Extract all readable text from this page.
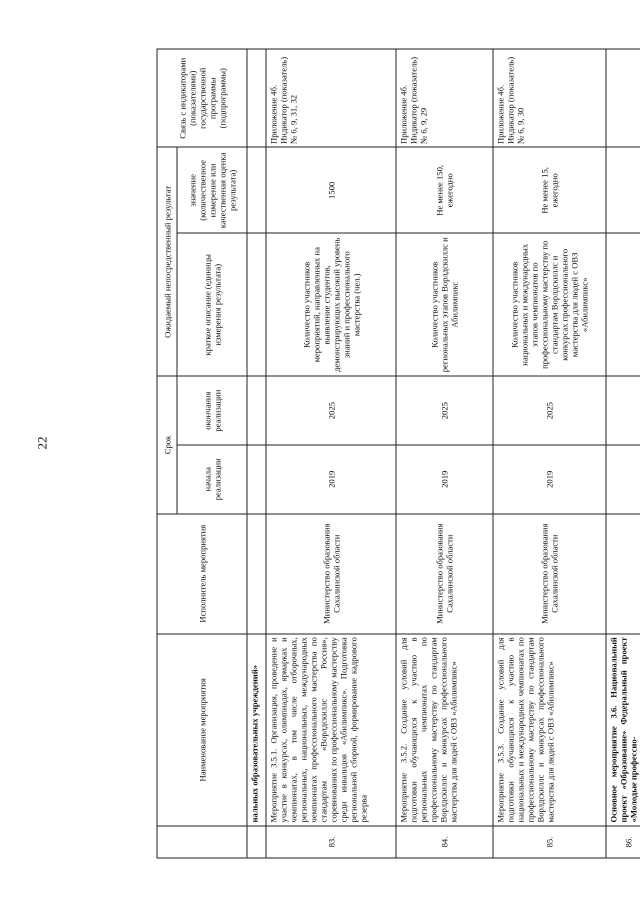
22
	Наименование мероприятия	Исполнитель мероприятия	Срок		Ожидаемый непосредственный результат		Связь с индикаторами (показателями) государственной программы (подпрограммы)
			начала реализации	окончания реализации	краткое описание (единицы измерения результата)	значение (количественное измерение или качественная оценка результата)	
	нальных образовательных учреждений»						
83.	Мероприятие 3.5.1. Организация, проведение и участие в конкурсах, олимпиадах, ярмарках и чемпионатах, в том числе отборочных, региональных, национальных, международных чемпионатах профессионального мастерства по стандартам «Ворлдскиллс Россия», соревнованиях по профессиональному мастерству среди инвалидов «Абилимпикс». Подготовка региональной сборной, формирование кадрового резерва	Министерство образования Сахалинской области	2019	2025	Количество участников мероприятий, направленных на выявление студентов, демонстрирующих высокий уровень знаний и профессионального мастерства (чел.)	1500	Приложение 4б. Индикатор (показатель) № 6, 9, 31, 32
84.	Мероприятие 3.5.2. Создание условий для подготовки обучающихся к участию в региональных чемпионатах по профессиональному мастерству по стандартам Ворлдскиллс и конкурсах профессионального мастерства для людей с ОВЗ «Абилимпикс»	Министерство образования Сахалинской области	2019	2025	Количество участников региональных этапов Ворлдскиллс и Абилимпикс	Не менее 150, ежегодно	Приложение 4б. Индикатор (показатель) № 6, 9, 29
85.	Мероприятие 3.5.3. Создание условий для подготовки обучающихся к участию в национальных и международных чемпионатах по профессиональному мастерству по стандартам Ворлдскиллс и конкурсах профессионального мастерства для людей с ОВЗ «Абилимпикс»	Министерство образования Сахалинской области	2019	2025	Количество участников национальных и международных этапов чемпионатов по профессиональному мастерству по стандартам Ворлдскиллс и конкурсах профессионального мастерства для людей с ОВЗ «Абилимпикс»	Не менее 15, ежегодно	Приложение 4б. Индикатор (показатель) № 6, 9, 30
86.	Основное мероприятие 3.6. Национальный проект «Образование» Федеральный проект «Молодые профессио-						
